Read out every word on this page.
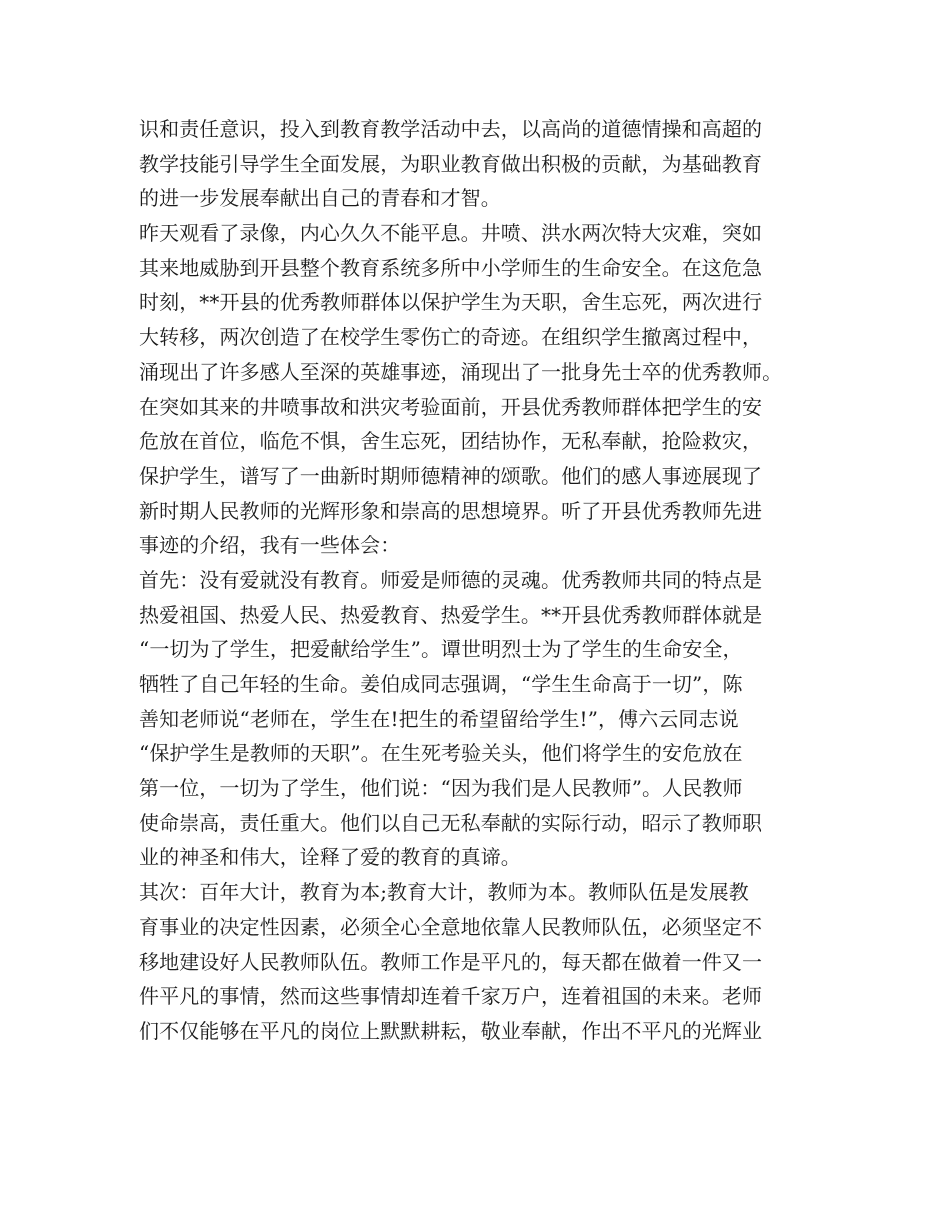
识和责任意识，投入到教育教学活动中去，以高尚的道德情操和高超的
教学技能引导学生全面发展，为职业教育做出积极的贡献，为基础教育
的进一步发展奉献出自己的青春和才智。
昨天观看了录像，内心久久不能平息。井喷、洪水两次特大灾难，突如
其来地威胁到开县整个教育系统多所中小学师生的生命安全。在这危急
时刻，**开县的优秀教师群体以保护学生为天职，舍生忘死，两次进行
大转移，两次创造了在校学生零伤亡的奇迹。在组织学生撤离过程中，
涌现出了许多感人至深的英雄事迹，涌现出了一批身先士卒的优秀教师。
在突如其来的井喷事故和洪灾考验面前，开县优秀教师群体把学生的安
危放在首位，临危不惧，舍生忘死，团结协作，无私奉献，抢险救灾，
保护学生，谱写了一曲新时期师德精神的颂歌。他们的感人事迹展现了
新时期人民教师的光辉形象和崇高的思想境界。听了开县优秀教师先进
事迹的介绍，我有一些体会：
首先：没有爱就没有教育。师爱是师德的灵魂。优秀教师共同的特点是
热爱祖国、热爱人民、热爱教育、热爱学生。**开县优秀教师群体就是
“一切为了学生，把爱献给学生”。谭世明烈士为了学生的生命安全，
牺牲了自己年轻的生命。姜伯成同志强调，“学生生命高于一切”，陈
善知老师说“老师在，学生在!把生的希望留给学生!”，傅六云同志说
“保护学生是教师的天职”。在生死考验关头，他们将学生的安危放在
第一位，一切为了学生，他们说：“因为我们是人民教师”。人民教师
使命崇高，责任重大。他们以自己无私奉献的实际行动，昭示了教师职
业的神圣和伟大，诠释了爱的教育的真谛。
其次：百年大计，教育为本;教育大计，教师为本。教师队伍是发展教
育事业的决定性因素，必须全心全意地依靠人民教师队伍，必须坚定不
移地建设好人民教师队伍。教师工作是平凡的，每天都在做着一件又一
件平凡的事情，然而这些事情却连着千家万户，连着祖国的未来。老师
们不仅能够在平凡的岗位上默默耕耘，敬业奉献，作出不平凡的光辉业
